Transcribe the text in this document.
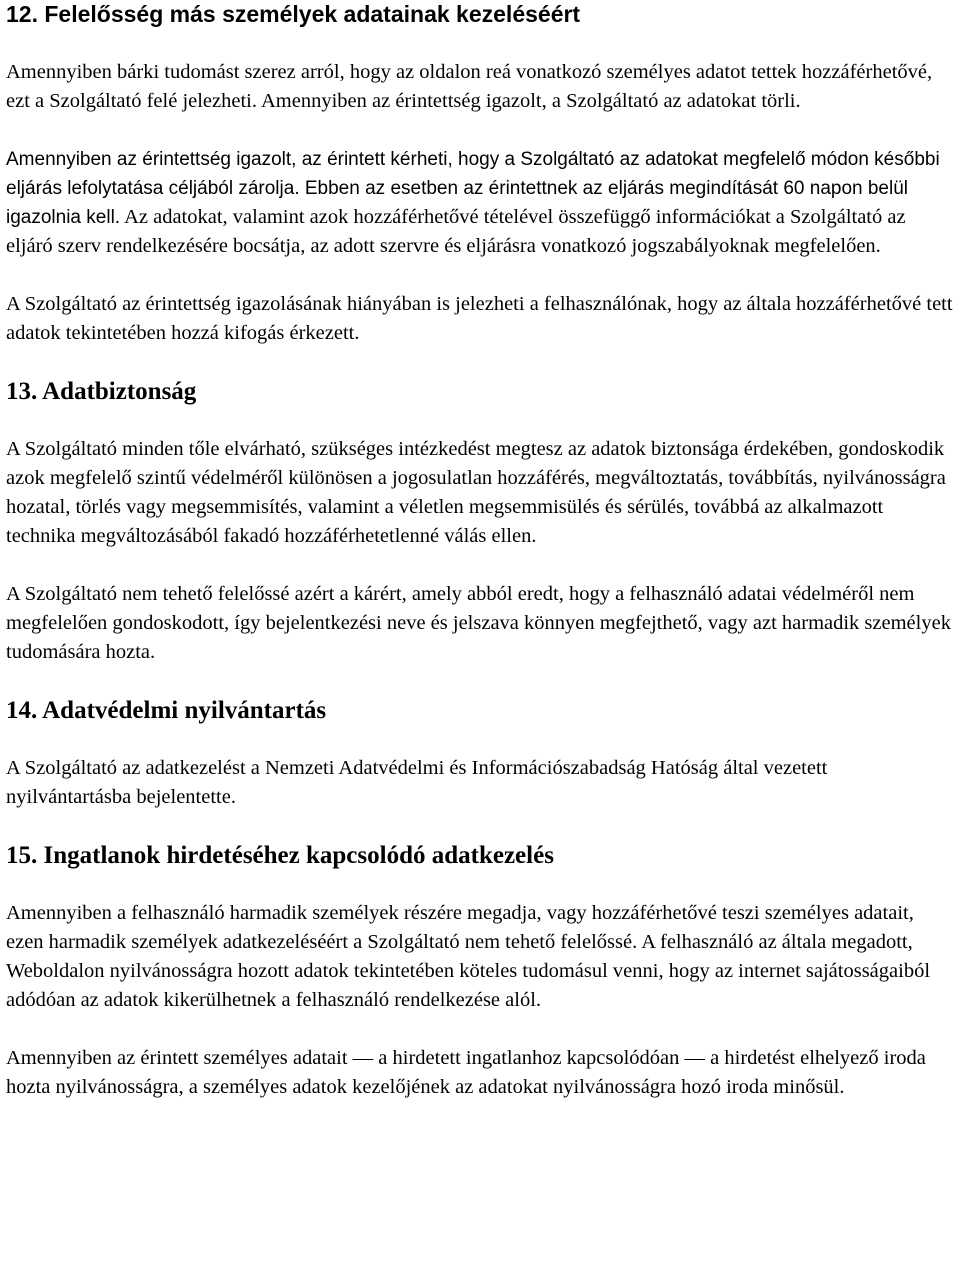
12. Felelősség más személyek adatainak kezeléséért

Amennyiben bárki tudomást szerez arról, hogy az oldalon reá vonatkozó személyes adatot tettek hozzáférhetővé, ezt a Szolgáltató felé jelezheti. Amennyiben az érintettség igazolt, a Szolgáltató az adatokat törli.

Amennyiben az érintettség igazolt, az érintett kérheti, hogy a Szolgáltató az adatokat megfelelő módon későbbi eljárás lefolytatása céljából zárolja. Ebben az esetben az érintettnek az eljárás megindítását 60 napon belül igazolnia kell. Az adatokat, valamint azok hozzáférhetővé tételével összefüggő információkat a Szolgáltató az eljáró szerv rendelkezésére bocsátja, az adott szervre és eljárásra vonatkozó jogszabályoknak megfelelően.

A Szolgáltató az érintettség igazolásának hiányában is jelezheti a felhasználónak, hogy az általa hozzáférhetővé tett adatok tekintetében hozzá kifogás érkezett.

13. Adatbiztonság

A Szolgáltató minden tőle elvárható, szükséges intézkedést megtesz az adatok biztonsága érdekében, gondoskodik azok megfelelő szintű védelméről különösen a jogosulatlan hozzáférés, megváltoztatás, továbbítás, nyilvánosságra hozatal, törlés vagy megsemmisítés, valamint a véletlen megsemmisülés és sérülés, továbbá az alkalmazott technika megváltozásából fakadó hozzáférhetetlenné válás ellen.

A Szolgáltató nem tehető felelőssé azért a kárért, amely abból eredt, hogy a felhasználó adatai védelméről nem megfelelően gondoskodott, így bejelentkezési neve és jelszava könnyen megfejthető, vagy azt harmadik személyek tudomására hozta.

14. Adatvédelmi nyilvántartás

A Szolgáltató az adatkezelést a Nemzeti Adatvédelmi és Információszabadság Hatóság által vezetett nyilvántartásba bejelentette.

15. Ingatlanok hirdetéséhez kapcsolódó adatkezelés

Amennyiben a felhasználó harmadik személyek részére megadja, vagy hozzáférhetővé teszi személyes adatait, ezen harmadik személyek adatkezeléséért a Szolgáltató nem tehető felelőssé. A felhasználó az általa megadott, Weboldalon nyilvánosságra hozott adatok tekintetében köteles tudomásul venni, hogy az internet sajátosságaiból adódóan az adatok kikerülhetnek a felhasználó rendelkezése alól.

Amennyiben az érintett személyes adatait — a hirdetett ingatlanhoz kapcsolódóan — a hirdetést elhelyező iroda hozta nyilvánosságra, a személyes adatok kezelőjének az adatokat nyilvánosságra hozó iroda minősül.
